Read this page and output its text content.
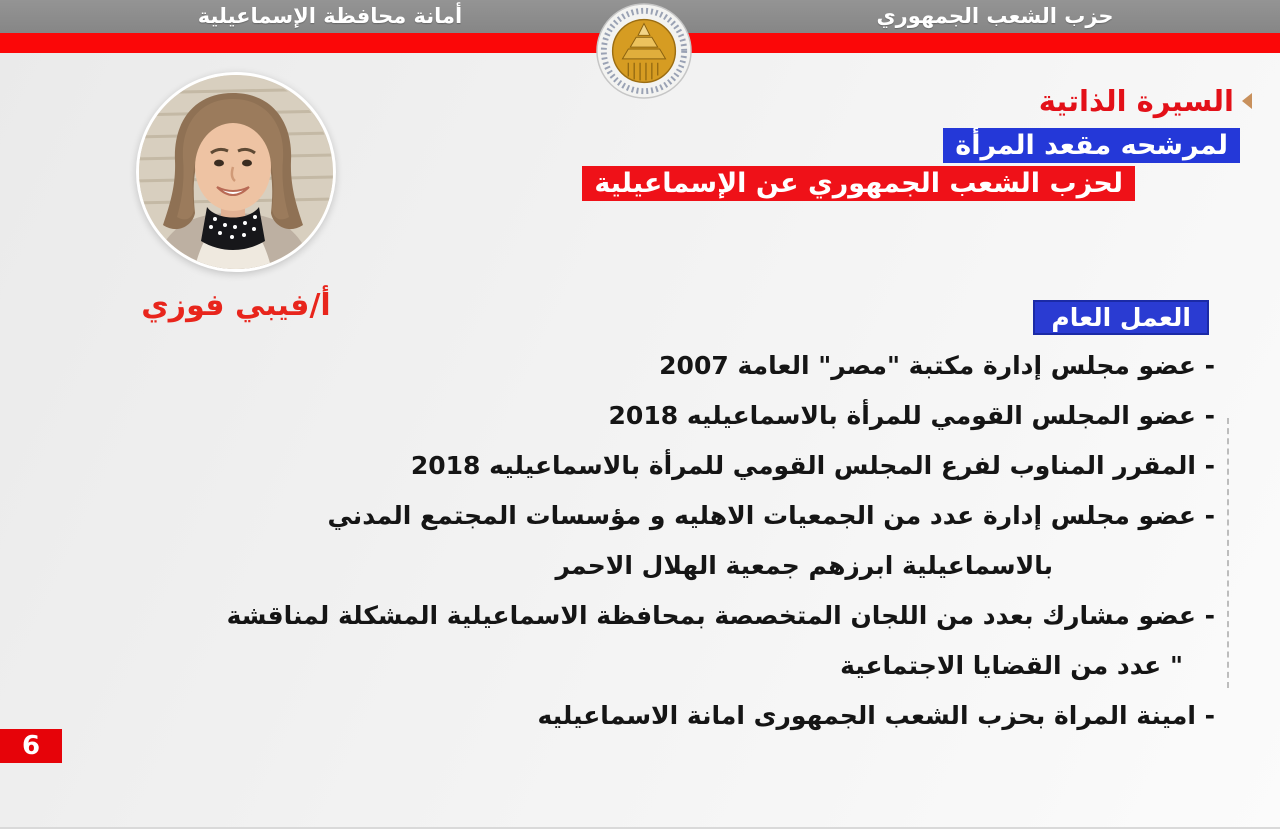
حزب الشعب الجمهوري
أمانة محافظة الإسماعيلية
أ/فيبي فوزي
السيرة الذاتية
لمرشحه مقعد المرأة
لحزب الشعب الجمهوري عن الإسماعيلية
العمل العام
- عضو مجلس إدارة مكتبة "مصر" العامة 2007
- عضو المجلس القومي للمرأة بالاسماعيليه 2018
- المقرر المناوب لفرع المجلس القومي للمرأة بالاسماعيليه 2018
- عضو مجلس إدارة عدد من الجمعيات الاهليه و مؤسسات المجتمع المدني
بالاسماعيلية ابرزهم جمعية الهلال الاحمر
- عضو مشارك بعدد من اللجان المتخصصة بمحافظة الاسماعيلية المشكلة لمناقشة
" عدد من القضايا الاجتماعية
- امينة المراة بحزب الشعب الجمهورى امانة الاسماعيليه
6
